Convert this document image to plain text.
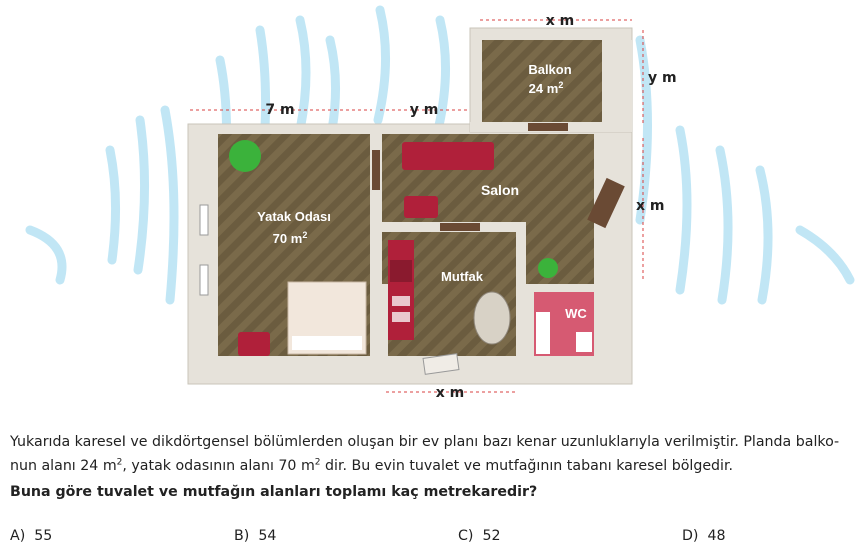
x m
y m
x m
7 m	y m
x m
Balkon
24 $m^2$
Yatak Odası
70 $m^2$
Salon
Mutfak
WC
Yukarıda kareseI ve dikdörtgensel bölümlerden oluşan bir ev planı bazı kenar uzunluklarıyla verilmiştir. Planda balko-
nun alanı 24 $m^2$, yatak odasının alanı 70 $m^2$ dir. Bu evin tuvalet ve mutfağının tabanı karesel bölgedir.
Buna göre tuvalet ve mutfağın alanları toplamı kaç metrekaredir?
A) 55	B) 54	C) 52	D) 48
